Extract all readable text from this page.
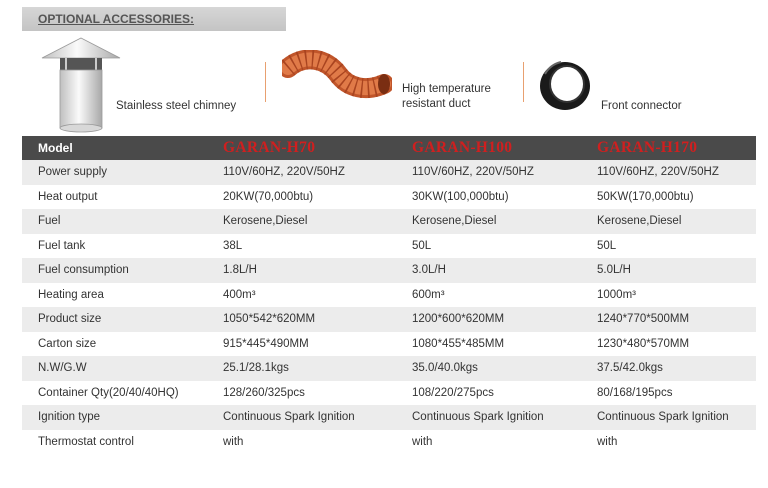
OPTIONAL ACCESSORIES:
Stainless steel chimney
High temperature
resistant duct	Front connector
Model	GARAN-H70	GARAN-H100	GARAN-H170
Power supply	110V/60HZ, 220V/50HZ	110V/60HZ, 220V/50HZ	110V/60HZ, 220V/50HZ
Heat output	20KW(70,000btu)	30KW(100,000btu)	50KW(170,000btu)
Fuel	Kerosene,Diesel	Kerosene,Diesel	Kerosene,Diesel
Fuel tank	38L	50L	50L
Fuel consumption	1.8L/H	3.0L/H	5.0L/H
Heating area	400m³	600m³	1000m³
Product size	1050*542*620MM	1200*600*620MM	1240*770*500MM
Carton size	915*445*490MM	1080*455*485MM	1230*480*570MM
N.W/G.W	25.1/28.1kgs	35.0/40.0kgs	37.5/42.0kgs
Container Qty(20/40/40HQ)	128/260/325pcs	108/220/275pcs	80/168/195pcs
Ignition type	Continuous Spark Ignition	Continuous Spark Ignition	Continuous Spark Ignition
Thermostat control	with	with	with
